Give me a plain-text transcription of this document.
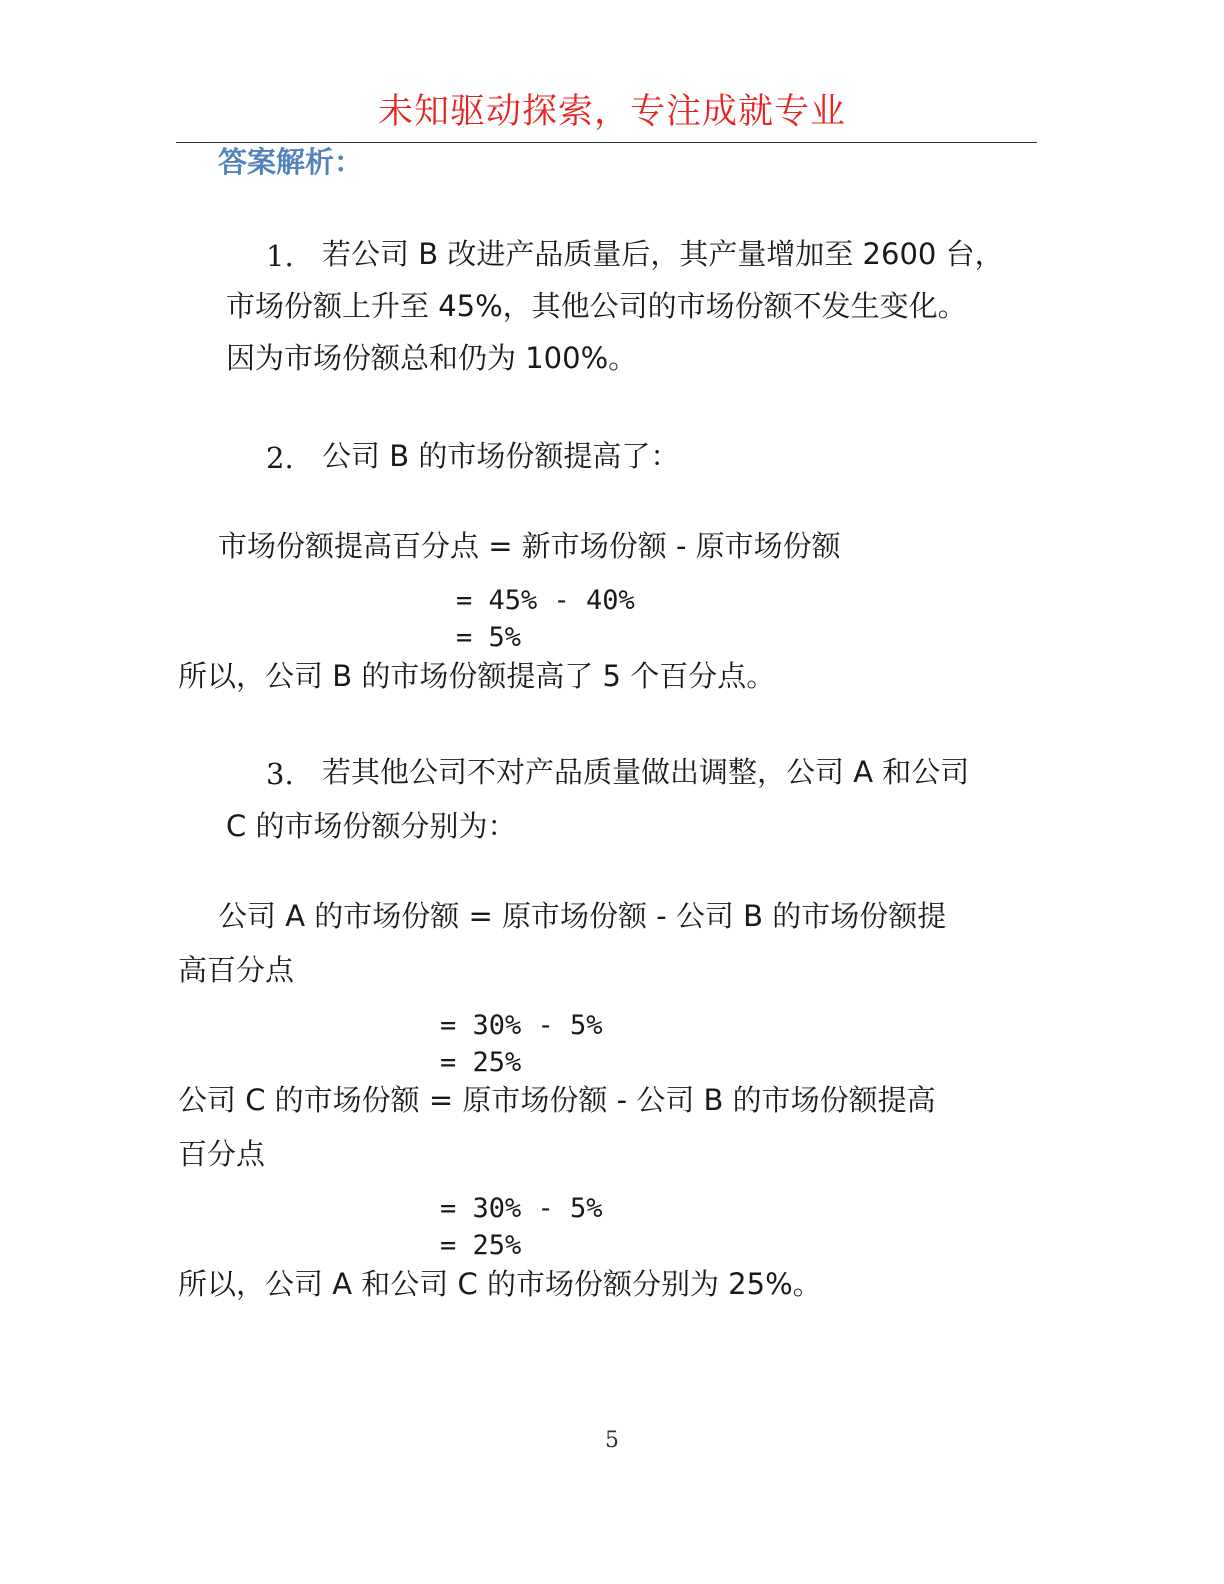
未知驱动探索，专注成就专业
答案解析：
1. 若公司 B 改进产品质量后，其产量增加至 2600 台，
市场份额上升至 45%，其他公司的市场份额不发生变化。
因为市场份额总和仍为 100%。
2. 公司 B 的市场份额提高了：
市场份额提高百分点 = 新市场份额 - 原市场份额
= 45% - 40%
= 5%
所以，公司 B 的市场份额提高了 5 个百分点。
3. 若其他公司不对产品质量做出调整，公司 A 和公司
C 的市场份额分别为：
公司 A 的市场份额 = 原市场份额 - 公司 B 的市场份额提
高百分点
= 30% - 5%
= 25%
公司 C 的市场份额 = 原市场份额 - 公司 B 的市场份额提高
百分点
= 30% - 5%
= 25%
所以，公司 A 和公司 C 的市场份额分别为 25%。
5
